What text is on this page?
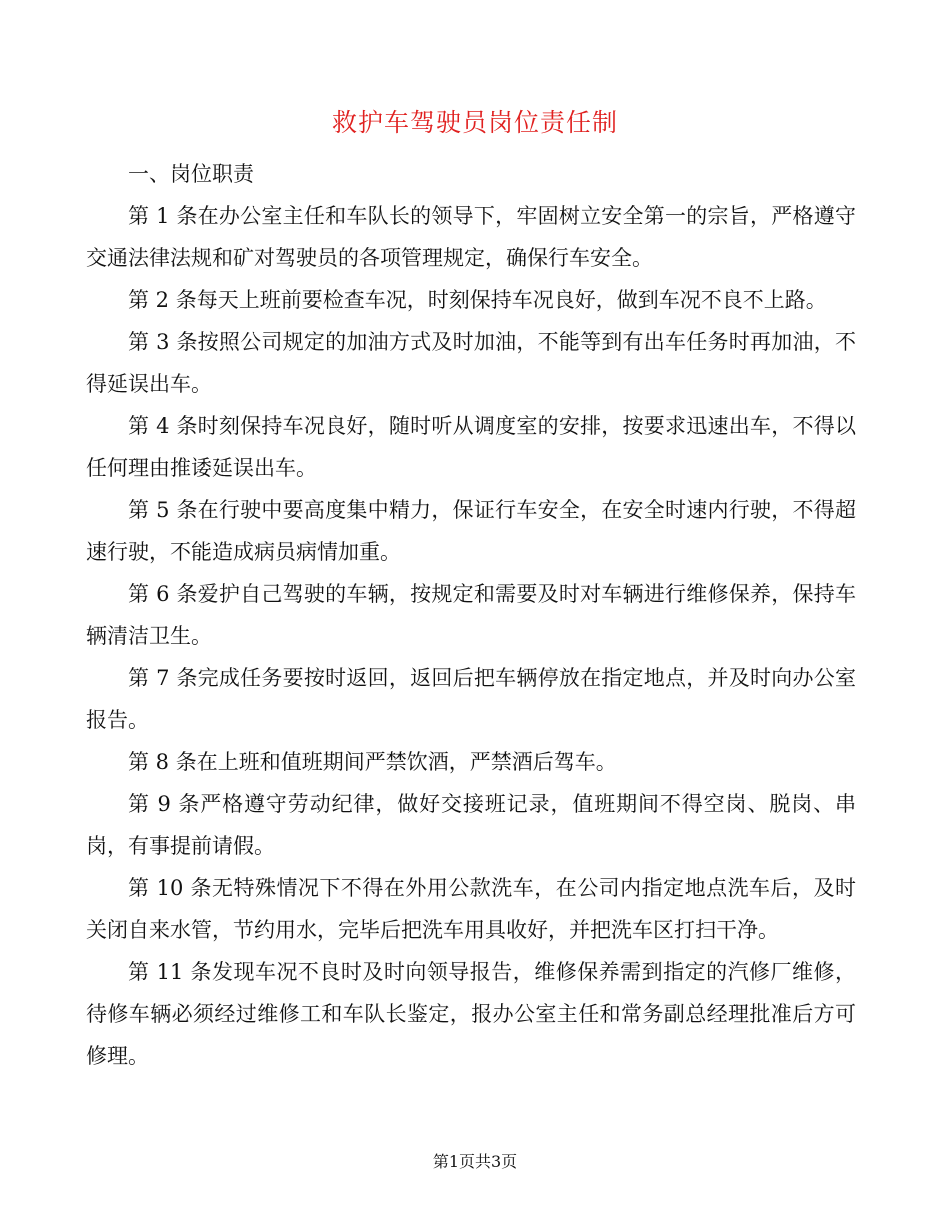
救护车驾驶员岗位责任制

一、岗位职责

第 1 条在办公室主任和车队长的领导下，牢固树立安全第一的宗旨，严格遵守交通法律法规和矿对驾驶员的各项管理规定，确保行车安全。

第 2 条每天上班前要检查车况，时刻保持车况良好，做到车况不良不上路。

第 3 条按照公司规定的加油方式及时加油，不能等到有出车任务时再加油，不得延误出车。

第 4 条时刻保持车况良好，随时听从调度室的安排，按要求迅速出车，不得以任何理由推诿延误出车。

第 5 条在行驶中要高度集中精力，保证行车安全，在安全时速内行驶，不得超速行驶，不能造成病员病情加重。

第 6 条爱护自己驾驶的车辆，按规定和需要及时对车辆进行维修保养，保持车辆清洁卫生。

第 7 条完成任务要按时返回，返回后把车辆停放在指定地点，并及时向办公室报告。

第 8 条在上班和值班期间严禁饮酒，严禁酒后驾车。

第 9 条严格遵守劳动纪律，做好交接班记录，值班期间不得空岗、脱岗、串岗，有事提前请假。

第 10 条无特殊情况下不得在外用公款洗车，在公司内指定地点洗车后，及时关闭自来水管，节约用水，完毕后把洗车用具收好，并把洗车区打扫干净。

第 11 条发现车况不良时及时向领导报告，维修保养需到指定的汽修厂维修，待修车辆必须经过维修工和车队长鉴定，报办公室主任和常务副总经理批准后方可修理。

第1页共3页
